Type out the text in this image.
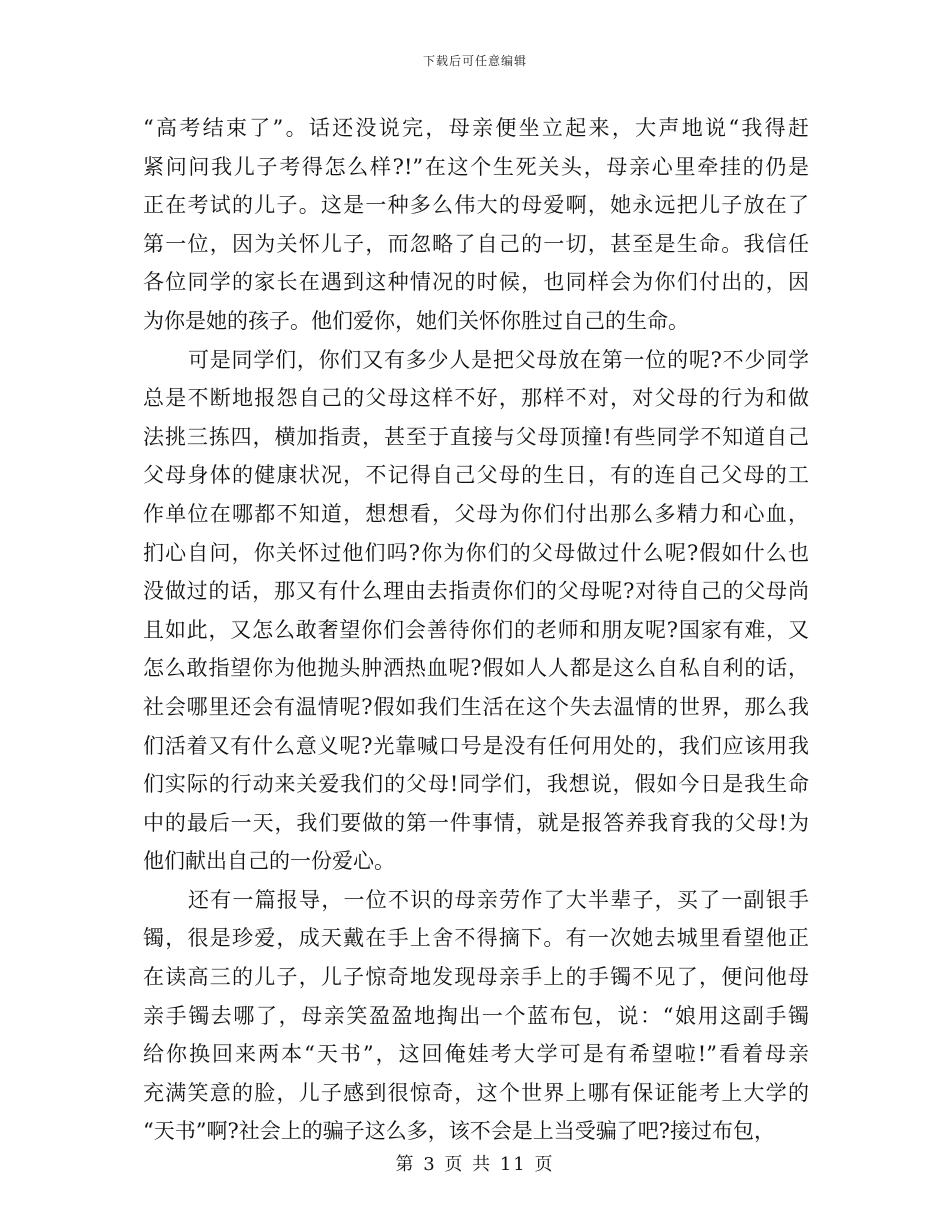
下载后可任意编辑
“高考结束了”。话还没说完，母亲便坐立起来，大声地说“我得赶
紧问问我儿子考得怎么样?!”在这个生死关头，母亲心里牵挂的仍是
正在考试的儿子。这是一种多么伟大的母爱啊，她永远把儿子放在了
第一位，因为关怀儿子，而忽略了自己的一切，甚至是生命。我信任
各位同学的家长在遇到这种情况的时候，也同样会为你们付出的，因
为你是她的孩子。他们爱你，她们关怀你胜过自己的生命。
可是同学们，你们又有多少人是把父母放在第一位的呢?不少同学
总是不断地报怨自己的父母这样不好，那样不对，对父母的行为和做
法挑三拣四，横加指责，甚至于直接与父母顶撞!有些同学不知道自己
父母身体的健康状况，不记得自己父母的生日，有的连自己父母的工
作单位在哪都不知道，想想看，父母为你们付出那么多精力和心血，
扪心自问，你关怀过他们吗?你为你们的父母做过什么呢?假如什么也
没做过的话，那又有什么理由去指责你们的父母呢?对待自己的父母尚
且如此，又怎么敢奢望你们会善待你们的老师和朋友呢?国家有难，又
怎么敢指望你为他抛头肿洒热血呢?假如人人都是这么自私自利的话，
社会哪里还会有温情呢?假如我们生活在这个失去温情的世界，那么我
们活着又有什么意义呢?光靠喊口号是没有任何用处的，我们应该用我
们实际的行动来关爱我们的父母!同学们，我想说，假如今日是我生命
中的最后一天，我们要做的第一件事情，就是报答养我育我的父母!为
他们献出自己的一份爱心。
还有一篇报导，一位不识的母亲劳作了大半辈子，买了一副银手
镯，很是珍爱，成天戴在手上舍不得摘下。有一次她去城里看望他正
在读高三的儿子，儿子惊奇地发现母亲手上的手镯不见了，便问他母
亲手镯去哪了，母亲笑盈盈地掏出一个蓝布包，说：“娘用这副手镯
给你换回来两本“天书”，这回俺娃考大学可是有希望啦!”看着母亲
充满笑意的脸，儿子感到很惊奇，这个世界上哪有保证能考上大学的
“天书”啊?社会上的骗子这么多，该不会是上当受骗了吧?接过布包，
第 3 页 共 11 页
